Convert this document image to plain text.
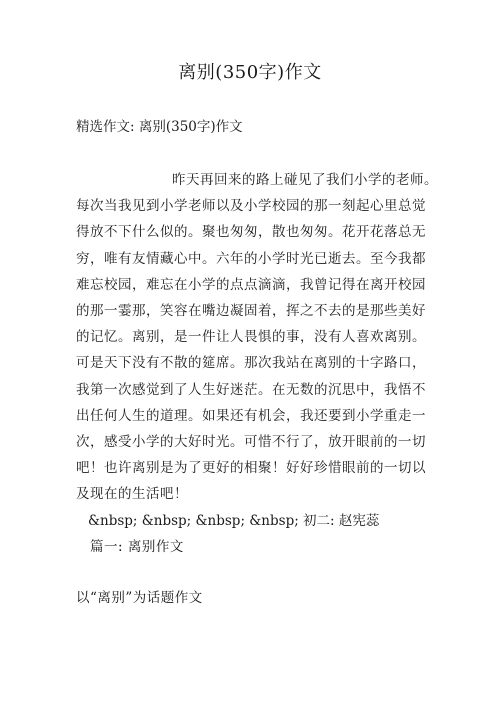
离别(350字)作文
精选作文: 离别(350字)作文
昨天再回来的路上碰见了我们小学的老师。
每次当我见到小学老师以及小学校园的那一刻起心里总觉得放不下什么似的。聚也匆匆，散也匆匆。花开花落总无穷，唯有友情藏心中。六年的小学时光已逝去。至今我都难忘校园，难忘在小学的点点滴滴，我曾记得在离开校园的那一霎那，笑容在嘴边凝固着，挥之不去的是那些美好的记忆。离别，是一件让人畏惧的事，没有人喜欢离别。可是天下没有不散的筵席。那次我站在离别的十字路口，我第一次感觉到了人生好迷茫。在无数的沉思中，我悟不出任何人生的道理。如果还有机会，我还要到小学重走一次，感受小学的大好时光。可惜不行了，放开眼前的一切吧！也许离别是为了更好的相聚！好好珍惜眼前的一切以及现在的生活吧！
&nbsp; &nbsp; &nbsp; &nbsp; 初二: 赵宪蕊
篇一: 离别作文
以“离别”为话题作文
